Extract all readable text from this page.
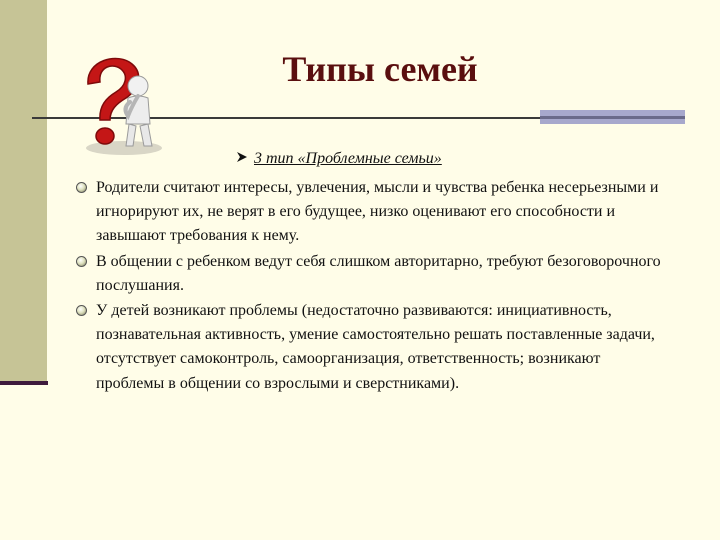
Типы семей
3 тип «Проблемные семьи»
Родители считают интересы, увлечения, мысли и чувства ребенка несерьезными и игнорируют их, не верят в его будущее, низко оценивают его способности и завышают требования к нему.
В общении с ребенком ведут себя слишком авторитарно, требуют безоговорочного послушания.
У детей возникают проблемы (недостаточно развиваются: инициативность, познавательная активность, умение самостоятельно решать поставленные задачи, отсутствует самоконтроль, самоорганизация, ответственность; возникают проблемы в общении со взрослыми и сверстниками).
